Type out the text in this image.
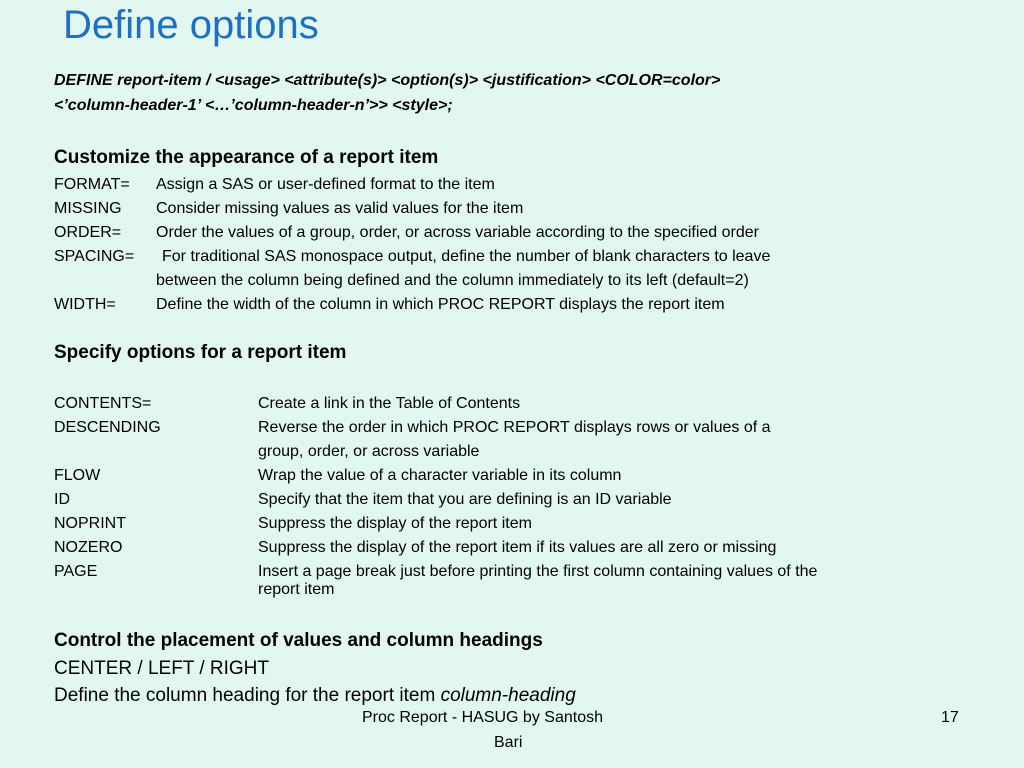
Define options
DEFINE report-item / <usage> <attribute(s)> <option(s)> <justification> <COLOR=color>
<’column-header-1’ <…’column-header-n’>> <style>;
Customize the appearance of a report item
FORMAT= Assign a SAS or user-defined format to the item
MISSING Consider missing values as valid values for the item
ORDER= Order the values of a group, order, or across variable according to the specified order
SPACING= For traditional SAS monospace output, define the number of blank characters to leave
between the column being defined and the column immediately to its left (default=2)
WIDTH=	Define the width of the column in which PROC REPORT displays the report item
Specify options for a report item
CONTENTS=	Create a link in the Table of Contents
DESCENDING	Reverse the order in which PROC REPORT displays rows or values of a
group, order, or across variable
FLOW	Wrap the value of a character variable in its column
ID	Specify that the item that you are defining is an ID variable
NOPRINT	Suppress the display of the report item
NOZERO	Suppress the display of the report item if its values are all zero or missing
PAGE	Insert a page break just before printing the first column containing values of the
report item
Control the placement of values and column headings
CENTER / LEFT / RIGHT
Define the column heading for the report item column-heading
Proc Report - HASUG by Santosh
Bari
17
